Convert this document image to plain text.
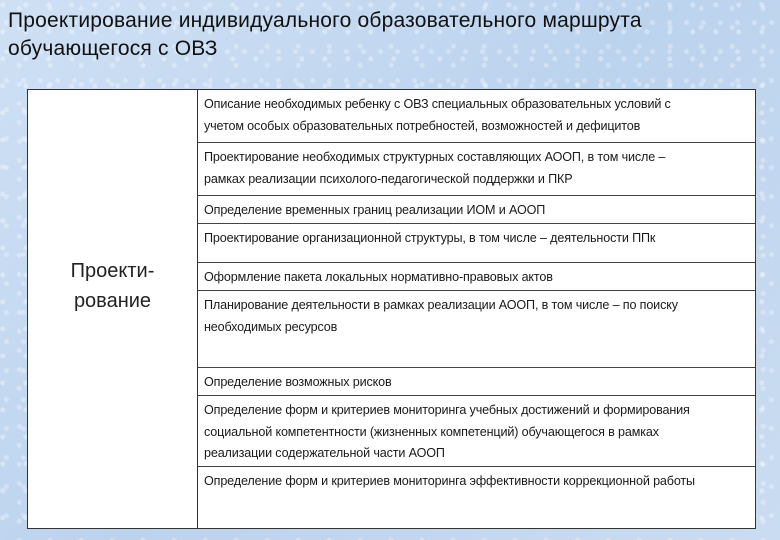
Проектирование индивидуального образовательного маршрута
обучающегося с ОВЗ
Проекти-
рование
Описание необходимых ребенку с ОВЗ специальных образовательных условий с
учетом особых образовательных потребностей, возможностей и дефицитов
Проектирование необходимых структурных составляющих АООП, в том числе –
рамках реализации психолого-педагогической поддержки и ПКР
Определение временных границ реализации ИОМ и АООП
Проектирование организационной структуры, в том числе – деятельности ППк
Оформление пакета локальных нормативно-правовых актов
Планирование деятельности в рамках реализации АООП, в том числе – по поиску
необходимых ресурсов
Определение возможных рисков
Определение форм и критериев мониторинга учебных достижений и формирования
социальной компетентности (жизненных компетенций) обучающегося в рамках
реализации содержательной части АООП
Определение форм и критериев мониторинга эффективности коррекционной работы
